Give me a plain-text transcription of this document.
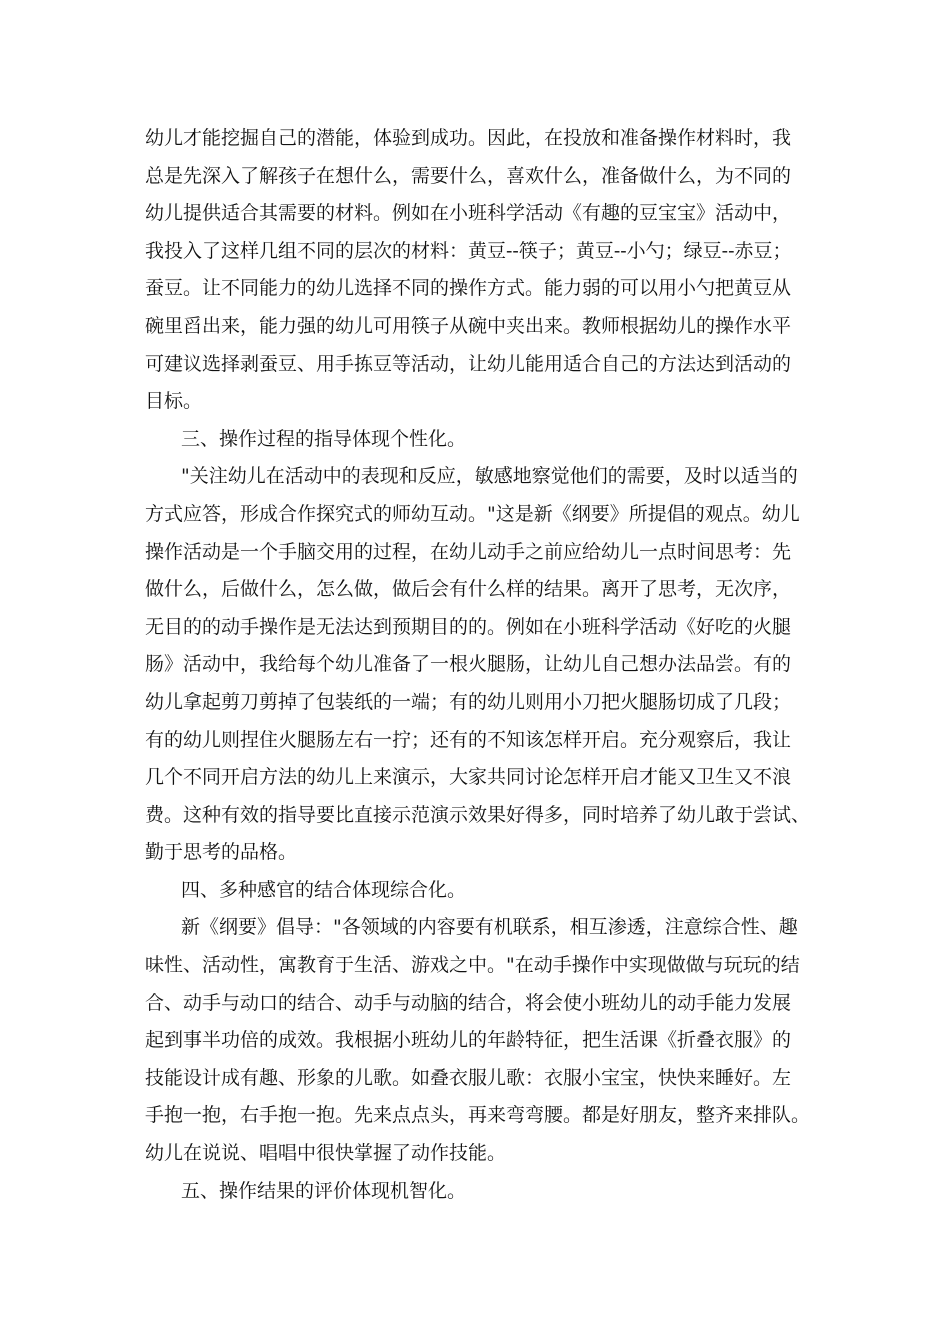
幼儿才能挖掘自己的潜能，体验到成功。因此，在投放和准备操作材料时，我
总是先深入了解孩子在想什么，需要什么，喜欢什么，准备做什么，为不同的
幼儿提供适合其需要的材料。例如在小班科学活动《有趣的豆宝宝》活动中，
我投入了这样几组不同的层次的材料：黄豆--筷子；黄豆--小勺；绿豆--赤豆；
蚕豆。让不同能力的幼儿选择不同的操作方式。能力弱的可以用小勺把黄豆从
碗里舀出来，能力强的幼儿可用筷子从碗中夹出来。教师根据幼儿的操作水平
可建议选择剥蚕豆、用手拣豆等活动，让幼儿能用适合自己的方法达到活动的
目标。
三、操作过程的指导体现个性化。
"关注幼儿在活动中的表现和反应，敏感地察觉他们的需要，及时以适当的
方式应答，形成合作探究式的师幼互动。"这是新《纲要》所提倡的观点。幼儿
操作活动是一个手脑交用的过程，在幼儿动手之前应给幼儿一点时间思考：先
做什么，后做什么，怎么做，做后会有什么样的结果。离开了思考，无次序，
无目的的动手操作是无法达到预期目的的。例如在小班科学活动《好吃的火腿
肠》活动中，我给每个幼儿准备了一根火腿肠，让幼儿自己想办法品尝。有的
幼儿拿起剪刀剪掉了包装纸的一端；有的幼儿则用小刀把火腿肠切成了几段；
有的幼儿则捏住火腿肠左右一拧；还有的不知该怎样开启。充分观察后，我让
几个不同开启方法的幼儿上来演示，大家共同讨论怎样开启才能又卫生又不浪
费。这种有效的指导要比直接示范演示效果好得多，同时培养了幼儿敢于尝试、
勤于思考的品格。
四、多种感官的结合体现综合化。
新《纲要》倡导："各领域的内容要有机联系，相互渗透，注意综合性、趣
味性、活动性，寓教育于生活、游戏之中。"在动手操作中实现做做与玩玩的结
合、动手与动口的结合、动手与动脑的结合，将会使小班幼儿的动手能力发展
起到事半功倍的成效。我根据小班幼儿的年龄特征，把生活课《折叠衣服》的
技能设计成有趣、形象的儿歌。如叠衣服儿歌：衣服小宝宝，快快来睡好。左
手抱一抱，右手抱一抱。先来点点头，再来弯弯腰。都是好朋友，整齐来排队。
幼儿在说说、唱唱中很快掌握了动作技能。
五、操作结果的评价体现机智化。
